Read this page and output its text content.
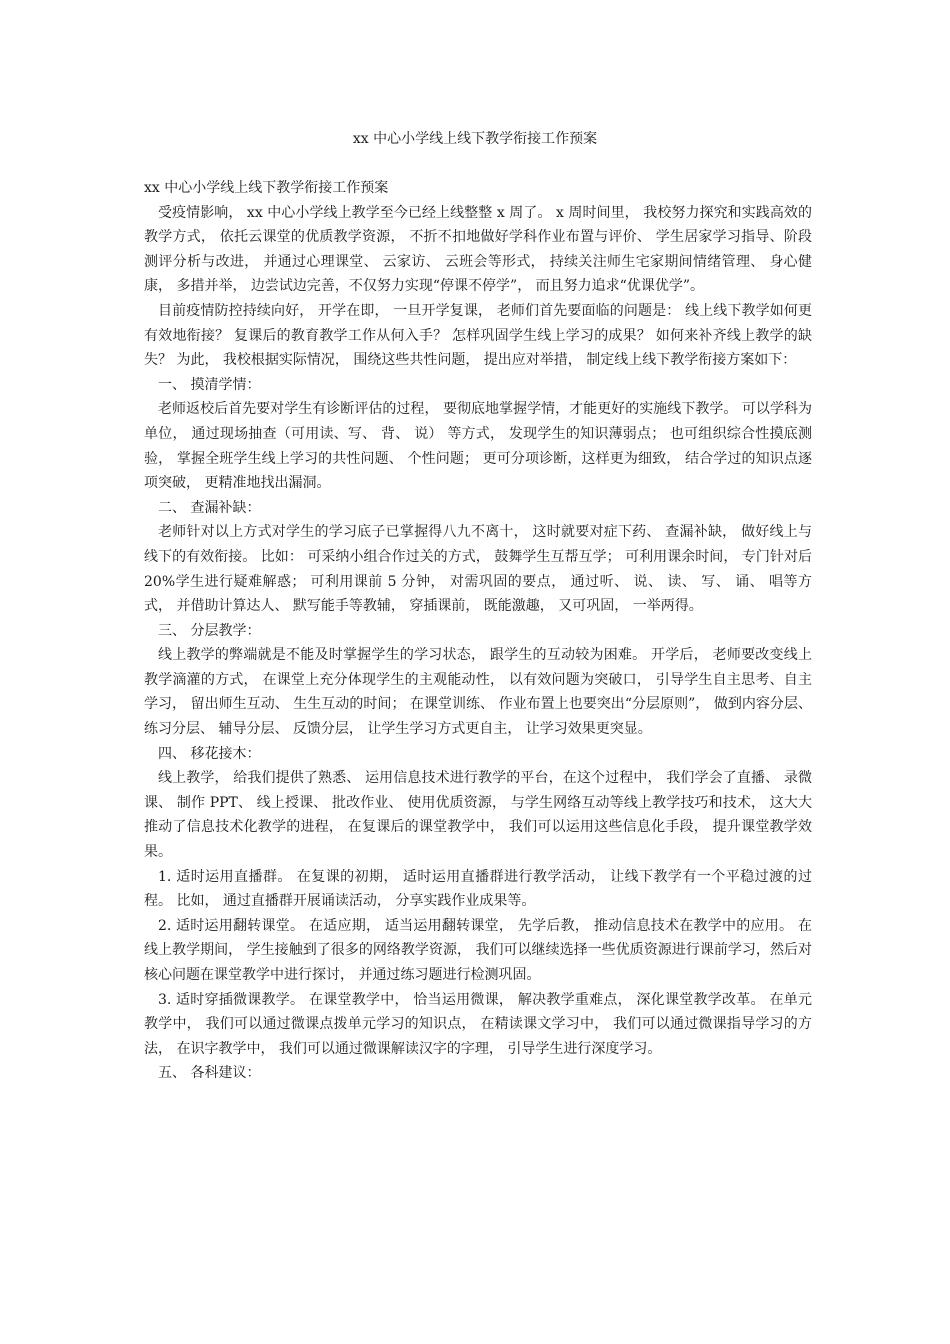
xx 中心小学线上线下教学衔接工作预案

xx 中心小学线上线下教学衔接工作预案

受疫情影响， xx 中心小学线上教学至今已经上线整整 x 周了。 x 周时间里， 我校努力探究和实践高效的教学方式， 依托云课堂的优质教学资源， 不折不扣地做好学科作业布置与评价、 学生居家学习指导、阶段测评分析与改进， 并通过心理课堂、 云家访、 云班会等形式， 持续关注师生宅家期间情绪管理、 身心健康， 多措并举， 边尝试边完善，不仅努力实现“停课不停学”， 而且努力追求“优课优学”。

目前疫情防控持续向好， 开学在即， 一旦开学复课， 老师们首先要面临的问题是： 线上线下教学如何更有效地衔接？ 复课后的教育教学工作从何入手？ 怎样巩固学生线上学习的成果？ 如何来补齐线上教学的缺失？ 为此， 我校根据实际情况， 围绕这些共性问题， 提出应对举措， 制定线上线下教学衔接方案如下：

一、 摸清学情：

老师返校后首先要对学生有诊断评估的过程， 要彻底地掌握学情，才能更好的实施线下教学。 可以学科为单位， 通过现场抽查（可用读、写、 背、 说） 等方式， 发现学生的知识薄弱点； 也可组织综合性摸底测验， 掌握全班学生线上学习的共性问题、 个性问题； 更可分项诊断，这样更为细致， 结合学过的知识点逐项突破， 更精准地找出漏洞。

二、 查漏补缺：

老师针对以上方式对学生的学习底子已掌握得八九不离十， 这时就要对症下药、 查漏补缺， 做好线上与线下的有效衔接。 比如： 可采纳小组合作过关的方式， 鼓舞学生互帮互学； 可利用课余时间， 专门针对后 20%学生进行疑难解惑； 可利用课前 5 分钟， 对需巩固的要点， 通过听、 说、 读、 写、 诵、 唱等方式， 并借助计算达人、 默写能手等教辅， 穿插课前， 既能激趣， 又可巩固， 一举两得。

三、 分层教学：

线上教学的弊端就是不能及时掌握学生的学习状态， 跟学生的互动较为困难。 开学后， 老师要改变线上教学滴灌的方式， 在课堂上充分体现学生的主观能动性， 以有效问题为突破口， 引导学生自主思考、自主学习， 留出师生互动、 生生互动的时间； 在课堂训练、 作业布置上也要突出“分层原则”， 做到内容分层、 练习分层、 辅导分层、 反馈分层， 让学生学习方式更自主， 让学习效果更突显。

四、 移花接木：

线上教学， 给我们提供了熟悉、 运用信息技术进行教学的平台，在这个过程中， 我们学会了直播、 录微课、 制作 PPT、 线上授课、 批改作业、 使用优质资源， 与学生网络互动等线上教学技巧和技术， 这大大推动了信息技术化教学的进程， 在复课后的课堂教学中， 我们可以运用这些信息化手段， 提升课堂教学效果。

1. 适时运用直播群。 在复课的初期， 适时运用直播群进行教学活动， 让线下教学有一个平稳过渡的过程。 比如， 通过直播群开展诵读活动， 分享实践作业成果等。

2. 适时运用翻转课堂。 在适应期， 适当运用翻转课堂， 先学后教， 推动信息技术在教学中的应用。 在线上教学期间， 学生接触到了很多的网络教学资源， 我们可以继续选择一些优质资源进行课前学习，然后对核心问题在课堂教学中进行探讨， 并通过练习题进行检测巩固。

3. 适时穿插微课教学。 在课堂教学中， 恰当运用微课， 解决教学重难点， 深化课堂教学改革。 在单元教学中， 我们可以通过微课点拨单元学习的知识点， 在精读课文学习中， 我们可以通过微课指导学习的方法， 在识字教学中， 我们可以通过微课解读汉字的字理， 引导学生进行深度学习。

五、 各科建议：
